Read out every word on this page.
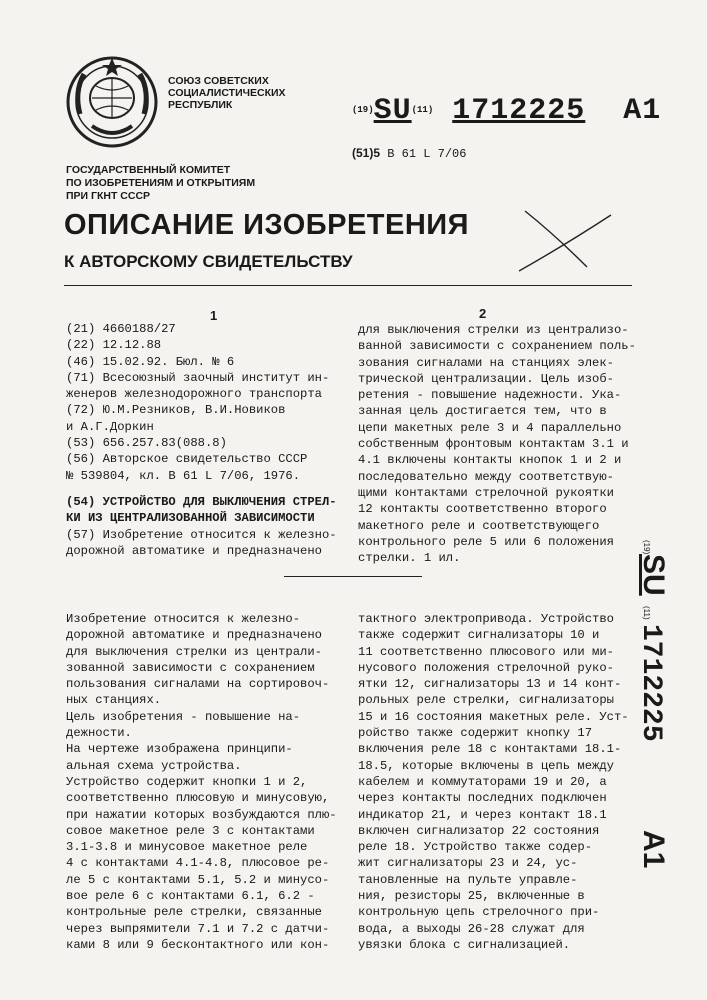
СОЮЗ СОВЕТСКИХ
СОЦИАЛИСТИЧЕСКИХ
РЕСПУБЛИК	(19)SU(11) 1712225 A1
(51)5 B 61 L 7/06
ГОСУДАРСТВЕННЫЙ КОМИТЕТ
ПО ИЗОБРЕТЕНИЯМ И ОТКРЫТИЯМ
ПРИ ГКНТ СССР
ОПИСАНИЕ ИЗОБРЕТЕНИЯ
К АВТОРСКОМУ СВИДЕТЕЛЬСТВУ
1	2
(21) 4660188/27
(22) 12.12.88
(46) 15.02.92. Бюл. № 6
(71) Всесоюзный заочный институт ин-
женеров железнодорожного транспорта
(72) Ю.М.Резников, В.И.Новиков
и А.Г.Доркин
(53) 656.257.83(088.8)
(56) Авторское свидетельство СССР
№ 539804, кл. В 61 L 7/06, 1976.
(54) УСТРОЙСТВО ДЛЯ ВЫКЛЮЧЕНИЯ СТРЕЛ-
КИ ИЗ ЦЕНТРАЛИЗОВАННОЙ ЗАВИСИМОСТИ
(57) Изобретение относится к железно-
дорожной автоматике и предназначено
для выключения стрелки из централизо-
ванной зависимости с сохранением поль-
зования сигналами на станциях элек-
трической централизации. Цель изоб-
ретения - повышение надежности. Ука-
занная цель достигается тем, что в
цепи макетных реле 3 и 4 параллельно
собственным фронтовым контактам 3.1 и
4.1 включены контакты кнопок 1 и 2 и
последовательно между соответствую-
щими контактами стрелочной рукоятки
12 контакты соответственно второго
макетного реле и соответствующего
контрольного реле 5 или 6 положения
стрелки. 1 ил.
Изобретение относится к железно-
дорожной автоматике и предназначено
для выключения стрелки из централи-
зованной зависимости с сохранением
пользования сигналами на сортировоч-
ных станциях.
Цель изобретения - повышение на-
дежности.
На чертеже изображена принципи-
альная схема устройства.
Устройство содержит кнопки 1 и 2,
соответственно плюсовую и минусовую,
при нажатии которых возбуждаются плю-
совое макетное реле 3 с контактами
3.1-3.8 и минусовое макетное реле
4 с контактами 4.1-4.8, плюсовое ре-
ле 5 с контактами 5.1, 5.2 и минусо-
вое реле 6 с контактами 6.1, 6.2 -
контрольные реле стрелки, связанные
через выпрямители 7.1 и 7.2 с датчи-
ками 8 или 9 бесконтактного или кон-
тактного электропривода. Устройство
также содержит сигнализаторы 10 и
11 соответственно плюсового или ми-
нусового положения стрелочной руко-
ятки 12, сигнализаторы 13 и 14 конт-
рольных реле стрелки, сигнализаторы
15 и 16 состояния макетных реле. Уст-
ройство также содержит кнопку 17
включения реле 18 с контактами 18.1-
18.5, которые включены в цепь между
кабелем и коммутаторами 19 и 20, а
через контакты последних подключен
индикатор 21, и через контакт 18.1
включен сигнализатор 22 состояния
реле 18. Устройство также содер-
жит сигнализаторы 23 и 24, ус-
тановленные на пульте управле-
ния, резисторы 25, включенные в
контрольную цепь стрелочного при-
вода, а выходы 26-28 служат для
увязки блока с сигнализацией.
(19)
SU
(11)
1712225
A1
